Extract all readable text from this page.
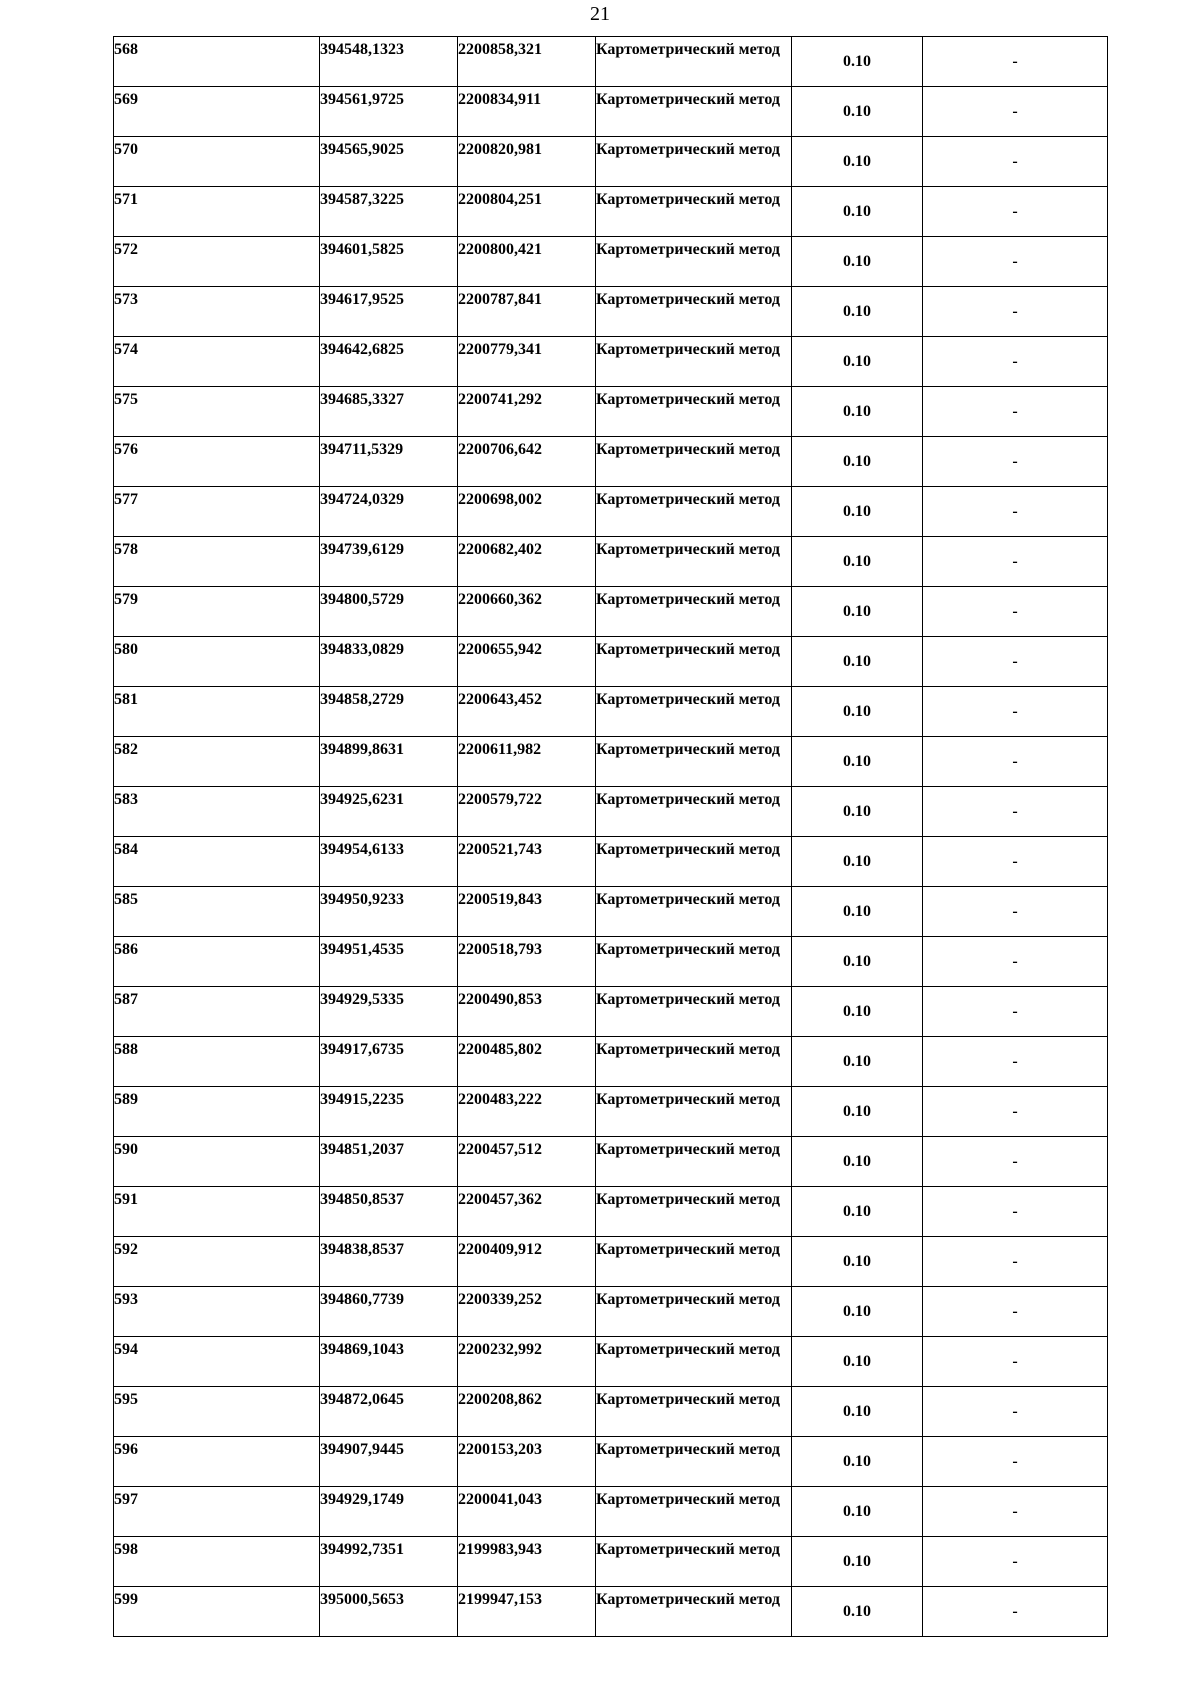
21
568	394548,1323	2200858,321	Картометрический метод	0.10	-
569	394561,9725	2200834,911	Картометрический метод	0.10	-
570	394565,9025	2200820,981	Картометрический метод	0.10	-
571	394587,3225	2200804,251	Картометрический метод	0.10	-
572	394601,5825	2200800,421	Картометрический метод	0.10	-
573	394617,9525	2200787,841	Картометрический метод	0.10	-
574	394642,6825	2200779,341	Картометрический метод	0.10	-
575	394685,3327	2200741,292	Картометрический метод	0.10	-
576	394711,5329	2200706,642	Картометрический метод	0.10	-
577	394724,0329	2200698,002	Картометрический метод	0.10	-
578	394739,6129	2200682,402	Картометрический метод	0.10	-
579	394800,5729	2200660,362	Картометрический метод	0.10	-
580	394833,0829	2200655,942	Картометрический метод	0.10	-
581	394858,2729	2200643,452	Картометрический метод	0.10	-
582	394899,8631	2200611,982	Картометрический метод	0.10	-
583	394925,6231	2200579,722	Картометрический метод	0.10	-
584	394954,6133	2200521,743	Картометрический метод	0.10	-
585	394950,9233	2200519,843	Картометрический метод	0.10	-
586	394951,4535	2200518,793	Картометрический метод	0.10	-
587	394929,5335	2200490,853	Картометрический метод	0.10	-
588	394917,6735	2200485,802	Картометрический метод	0.10	-
589	394915,2235	2200483,222	Картометрический метод	0.10	-
590	394851,2037	2200457,512	Картометрический метод	0.10	-
591	394850,8537	2200457,362	Картометрический метод	0.10	-
592	394838,8537	2200409,912	Картометрический метод	0.10	-
593	394860,7739	2200339,252	Картометрический метод	0.10	-
594	394869,1043	2200232,992	Картометрический метод	0.10	-
595	394872,0645	2200208,862	Картометрический метод	0.10	-
596	394907,9445	2200153,203	Картометрический метод	0.10	-
597	394929,1749	2200041,043	Картометрический метод	0.10	-
598	394992,7351	2199983,943	Картометрический метод	0.10	-
599	395000,5653	2199947,153	Картометрический метод	0.10	-
